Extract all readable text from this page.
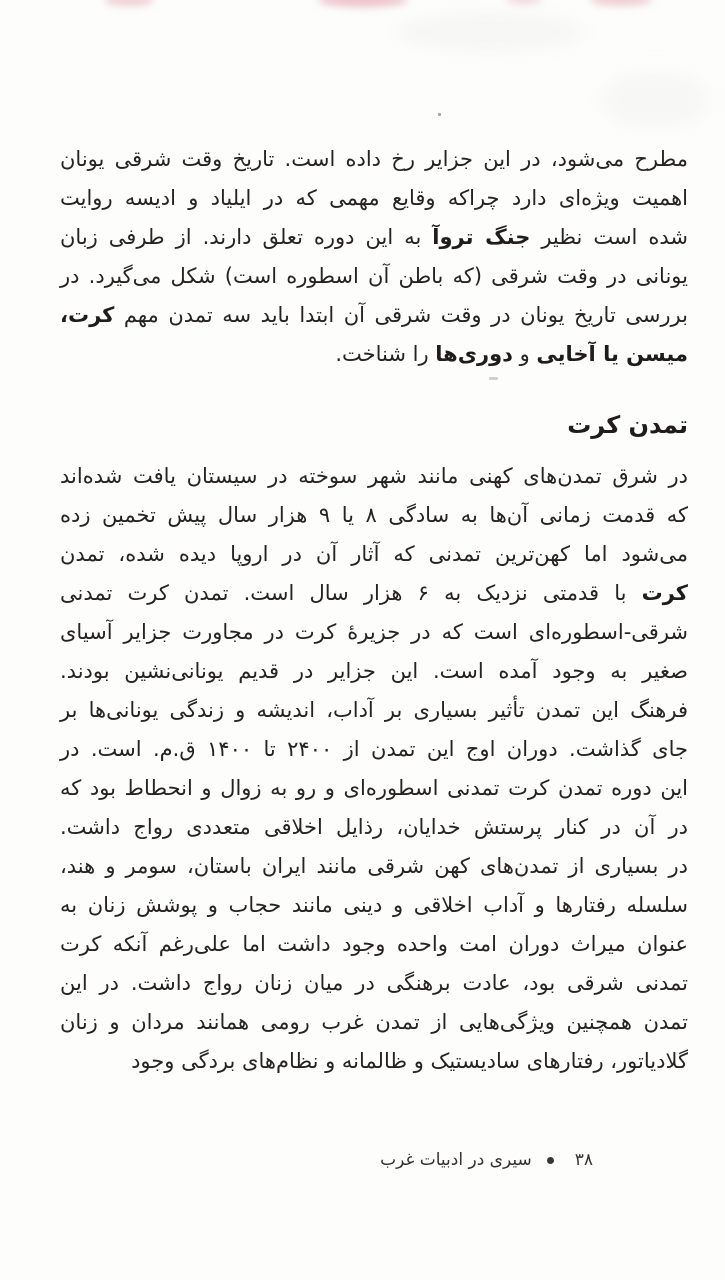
مطرح می‌شود، در این جزایر رخ داده است. تاریخ وقت شرقی یونان
اهمیت ویژه‌ای دارد چراکه وقایع مهمی که در ایلیاد و ادیسه روایت
شده است نظیر جنگ تروآ به این دوره تعلق دارند. از طرفی زبان
یونانی در وقت شرقی (که باطن آن اسطوره است) شکل می‌گیرد. در
بررسی تاریخ یونان در وقت شرقی آن ابتدا باید سه تمدن مهم کرت،
میسن یا آخایی و دوری‌ها را شناخت.
تمدن کرت
در شرق تمدن‌های کهنی مانند شهر سوخته در سیستان یافت شده‌اند
که قدمت زمانی آن‌ها به سادگی ۸ یا ۹ هزار سال پیش تخمین زده
می‌شود اما کهن‌ترین تمدنی که آثار آن در اروپا دیده شده، تمدن
کرت با قدمتی نزدیک به ۶ هزار سال است. تمدن کرت تمدنی
شرقی-اسطوره‌ای است که در جزیرهٔ کرت در مجاورت جزایر آسیای
صغیر به وجود آمده است. این جزایر در قدیم یونانی‌نشین بودند.
فرهنگ این تمدن تأثیر بسیاری بر آداب، اندیشه و زندگی یونانی‌ها بر
جای گذاشت. دوران اوج این تمدن از ۲۴۰۰ تا ۱۴۰۰ ق.م. است. در
این دوره تمدن کرت تمدنی اسطوره‌ای و رو به زوال و انحطاط بود که
در آن در کنار پرستش خدایان، رذایل اخلاقی متعددی رواج داشت.
در بسیاری از تمدن‌های کهن شرقی مانند ایران باستان، سومر و هند،
سلسله رفتارها و آداب اخلاقی و دینی مانند حجاب و پوشش زنان به
عنوان میراث دوران امت واحده وجود داشت اما علی‌رغم آنکه کرت
تمدنی شرقی بود، عادت برهنگی در میان زنان رواج داشت. در این
تمدن همچنین ویژگی‌هایی از تمدن غرب رومی همانند مردان و زنان
گلادیاتور، رفتارهای سادیستیک و ظالمانه و نظام‌های بردگی وجود
۳۸
سیری در ادبیات غرب
